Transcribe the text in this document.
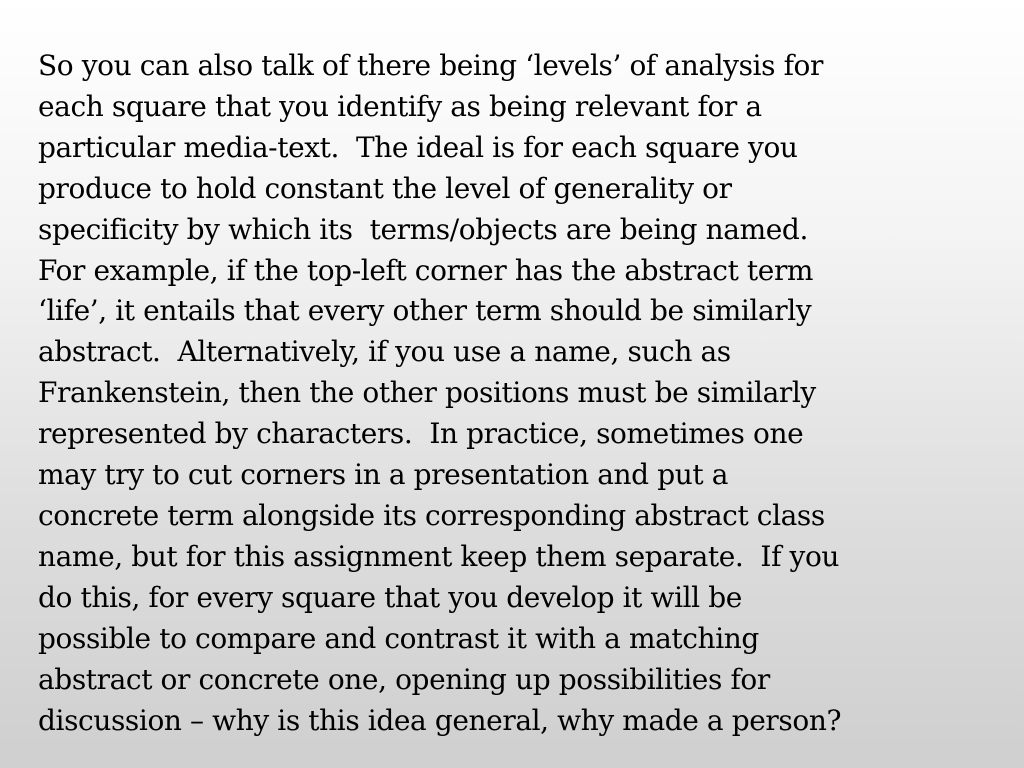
So you can also talk of there being ‘levels’ of analysis for
each square that you identify as being relevant for a
particular media-text.  The ideal is for each square you
produce to hold constant the level of generality or
specificity by which its  terms/objects are being named.
For example, if the top-left corner has the abstract term
‘life’, it entails that every other term should be similarly
abstract.  Alternatively, if you use a name, such as
Frankenstein, then the other positions must be similarly
represented by characters.  In practice, sometimes one
may try to cut corners in a presentation and put a
concrete term alongside its corresponding abstract class
name, but for this assignment keep them separate.  If you
do this, for every square that you develop it will be
possible to compare and contrast it with a matching
abstract or concrete one, opening up possibilities for
discussion – why is this idea general, why made a person?
